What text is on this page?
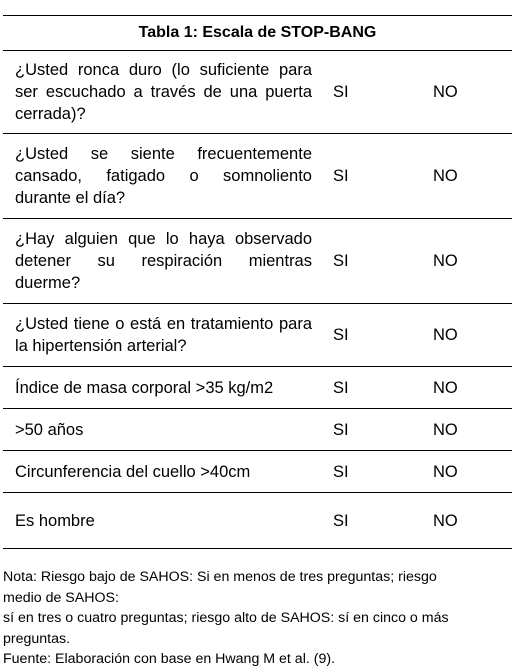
Tabla 1: Escala de STOP-BANG
¿Usted ronca duro (lo suficiente para ser escuchado a través de una puerta cerrada)?
SI	NO
¿Usted se siente frecuentemente cansado, fatigado o somnoliento durante el día?
SI	NO
¿Hay alguien que lo haya observado detener su respiración mientras duerme?
SI	NO
¿Usted tiene o está en tratamiento para la hipertensión arterial?
SI	NO
Índice de masa corporal >35 kg/m2	SI	NO
>50 años	SI	NO
Circunferencia del cuello >40cm	SI	NO
Es hombre	SI	NO
Nota: Riesgo bajo de SAHOS: Si en menos de tres preguntas; riesgo
medio de SAHOS:
sí en tres o cuatro preguntas; riesgo alto de SAHOS: sí en cinco o más
preguntas.
Fuente: Elaboración con base en Hwang M et al. (9).
